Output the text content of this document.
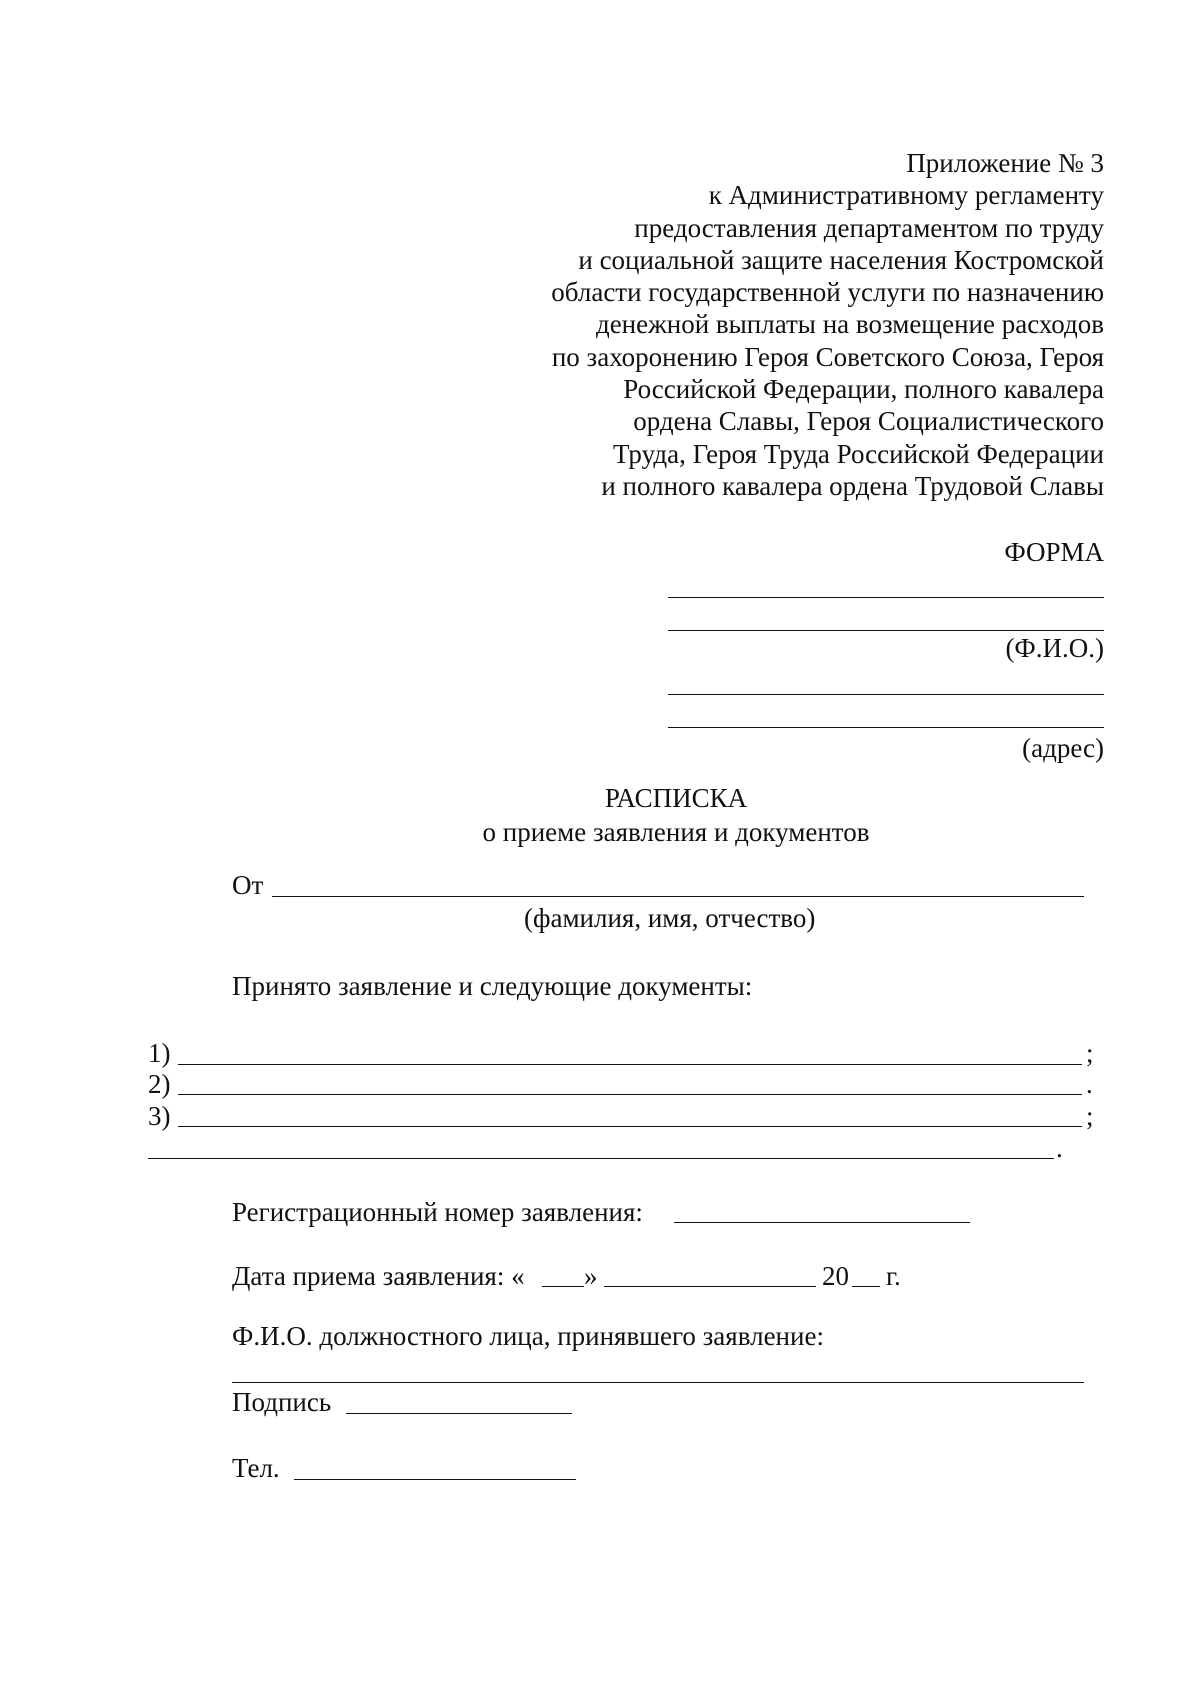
Приложение № 3
к Административному регламенту
предоставления департаментом по труду
и социальной защите населения Костромской
области государственной услуги по назначению
денежной выплаты на возмещение расходов
по захоронению Героя Советского Союза, Героя
Российской Федерации, полного кавалера
ордена Славы, Героя Социалистического
Труда, Героя Труда Российской Федерации
и полного кавалера ордена Трудовой Славы
ФОРМА
(Ф.И.О.)
(адрес)
РАСПИСКА
о приеме заявления и документов
От
(фамилия, имя, отчество)
Принято заявление и следующие документы:
1)	;
2)	.
3)	;
.
Регистрационный номер заявления:
Дата приема заявления: « »	20 г.
Ф.И.О. должностного лица, принявшего заявление:
Подпись
Тел.
